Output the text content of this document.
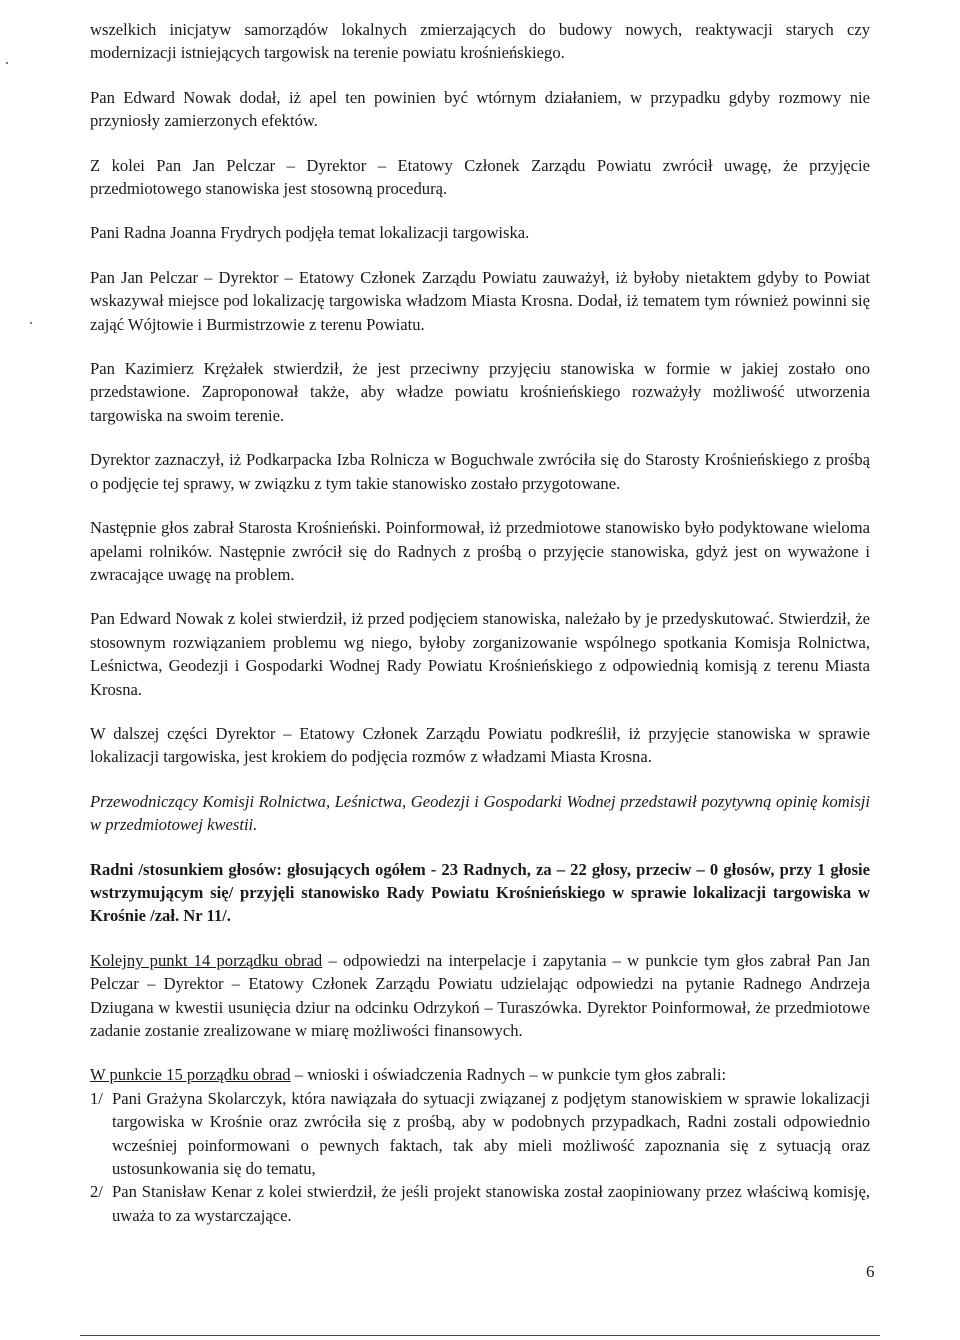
wszelkich inicjatyw samorządów lokalnych zmierzających do budowy nowych, reaktywacji starych czy modernizacji istniejących targowisk na terenie powiatu krośnieńskiego.

Pan Edward Nowak dodał, iż apel ten powinien być wtórnym działaniem, w przypadku gdyby rozmowy nie przyniosły zamierzonych efektów.

Z kolei Pan Jan Pelczar – Dyrektor – Etatowy Członek Zarządu Powiatu zwrócił uwagę, że przyjęcie przedmiotowego stanowiska jest stosowną procedurą.

Pani Radna Joanna Frydrych podjęła temat lokalizacji targowiska.

Pan Jan Pelczar – Dyrektor – Etatowy Członek Zarządu Powiatu zauważył, iż byłoby nietaktem gdyby to Powiat wskazywał miejsce pod lokalizację targowiska władzom Miasta Krosna. Dodał, iż tematem tym również powinni się zająć Wójtowie i Burmistrzowie z terenu Powiatu.

Pan Kazimierz Krężałek stwierdził, że jest przeciwny przyjęciu stanowiska w formie w jakiej zostało ono przedstawione. Zaproponował także, aby władze powiatu krośnieńskiego rozważyły możliwość utworzenia targowiska na swoim terenie.

Dyrektor zaznaczył, iż Podkarpacka Izba Rolnicza w Boguchwale zwróciła się do Starosty Krośnieńskiego z prośbą o podjęcie tej sprawy, w związku z tym takie stanowisko zostało przygotowane.

Następnie głos zabrał Starosta Krośnieński. Poinformował, iż przedmiotowe stanowisko było podyktowane wieloma apelami rolników. Następnie zwrócił się do Radnych z prośbą o przyjęcie stanowiska, gdyż jest on wyważone i zwracające uwagę na problem.

Pan Edward Nowak z kolei stwierdził, iż przed podjęciem stanowiska, należało by je przedyskutować. Stwierdził, że stosownym rozwiązaniem problemu wg niego, byłoby zorganizowanie wspólnego spotkania Komisja Rolnictwa, Leśnictwa, Geodezji i Gospodarki Wodnej Rady Powiatu Krośnieńskiego z odpowiednią komisją z terenu Miasta Krosna.

W dalszej części Dyrektor – Etatowy Członek Zarządu Powiatu podkreślił, iż przyjęcie stanowiska w sprawie lokalizacji targowiska, jest krokiem do podjęcia rozmów z władzami Miasta Krosna.

Przewodniczący Komisji Rolnictwa, Leśnictwa, Geodezji i Gospodarki Wodnej przedstawił pozytywną opinię komisji w przedmiotowej kwestii.

Radni /stosunkiem głosów: głosujących ogółem - 23 Radnych, za – 22 głosy, przeciw – 0 głosów, przy 1 głosie wstrzymującym się/ przyjęli stanowisko Rady Powiatu Krośnieńskiego w sprawie lokalizacji targowiska w Krośnie /zał. Nr 11/.

Kolejny punkt 14 porządku obrad – odpowiedzi na interpelacje i zapytania – w punkcie tym głos zabrał Pan Jan Pelczar – Dyrektor – Etatowy Członek Zarządu Powiatu udzielając odpowiedzi na pytanie Radnego Andrzeja Dziugana w kwestii usunięcia dziur na odcinku Odrzykoń – Turaszówka. Dyrektor Poinformował, że przedmiotowe zadanie zostanie zrealizowane w miarę możliwości finansowych.

W punkcie 15 porządku obrad – wnioski i oświadczenia Radnych – w punkcie tym głos zabrali:

1/ Pani Grażyna Skolarczyk, która nawiązała do sytuacji związanej z podjętym stanowiskiem w sprawie lokalizacji targowiska w Krośnie oraz zwróciła się z prośbą, aby w podobnych przypadkach, Radni zostali odpowiednio wcześniej poinformowani o pewnych faktach, tak aby mieli możliwość zapoznania się z sytuacją oraz ustosunkowania się do tematu,
2/ Pan Stanisław Kenar z kolei stwierdził, że jeśli projekt stanowiska został zaopiniowany przez właściwą komisję, uważa to za wystarczające.
6
